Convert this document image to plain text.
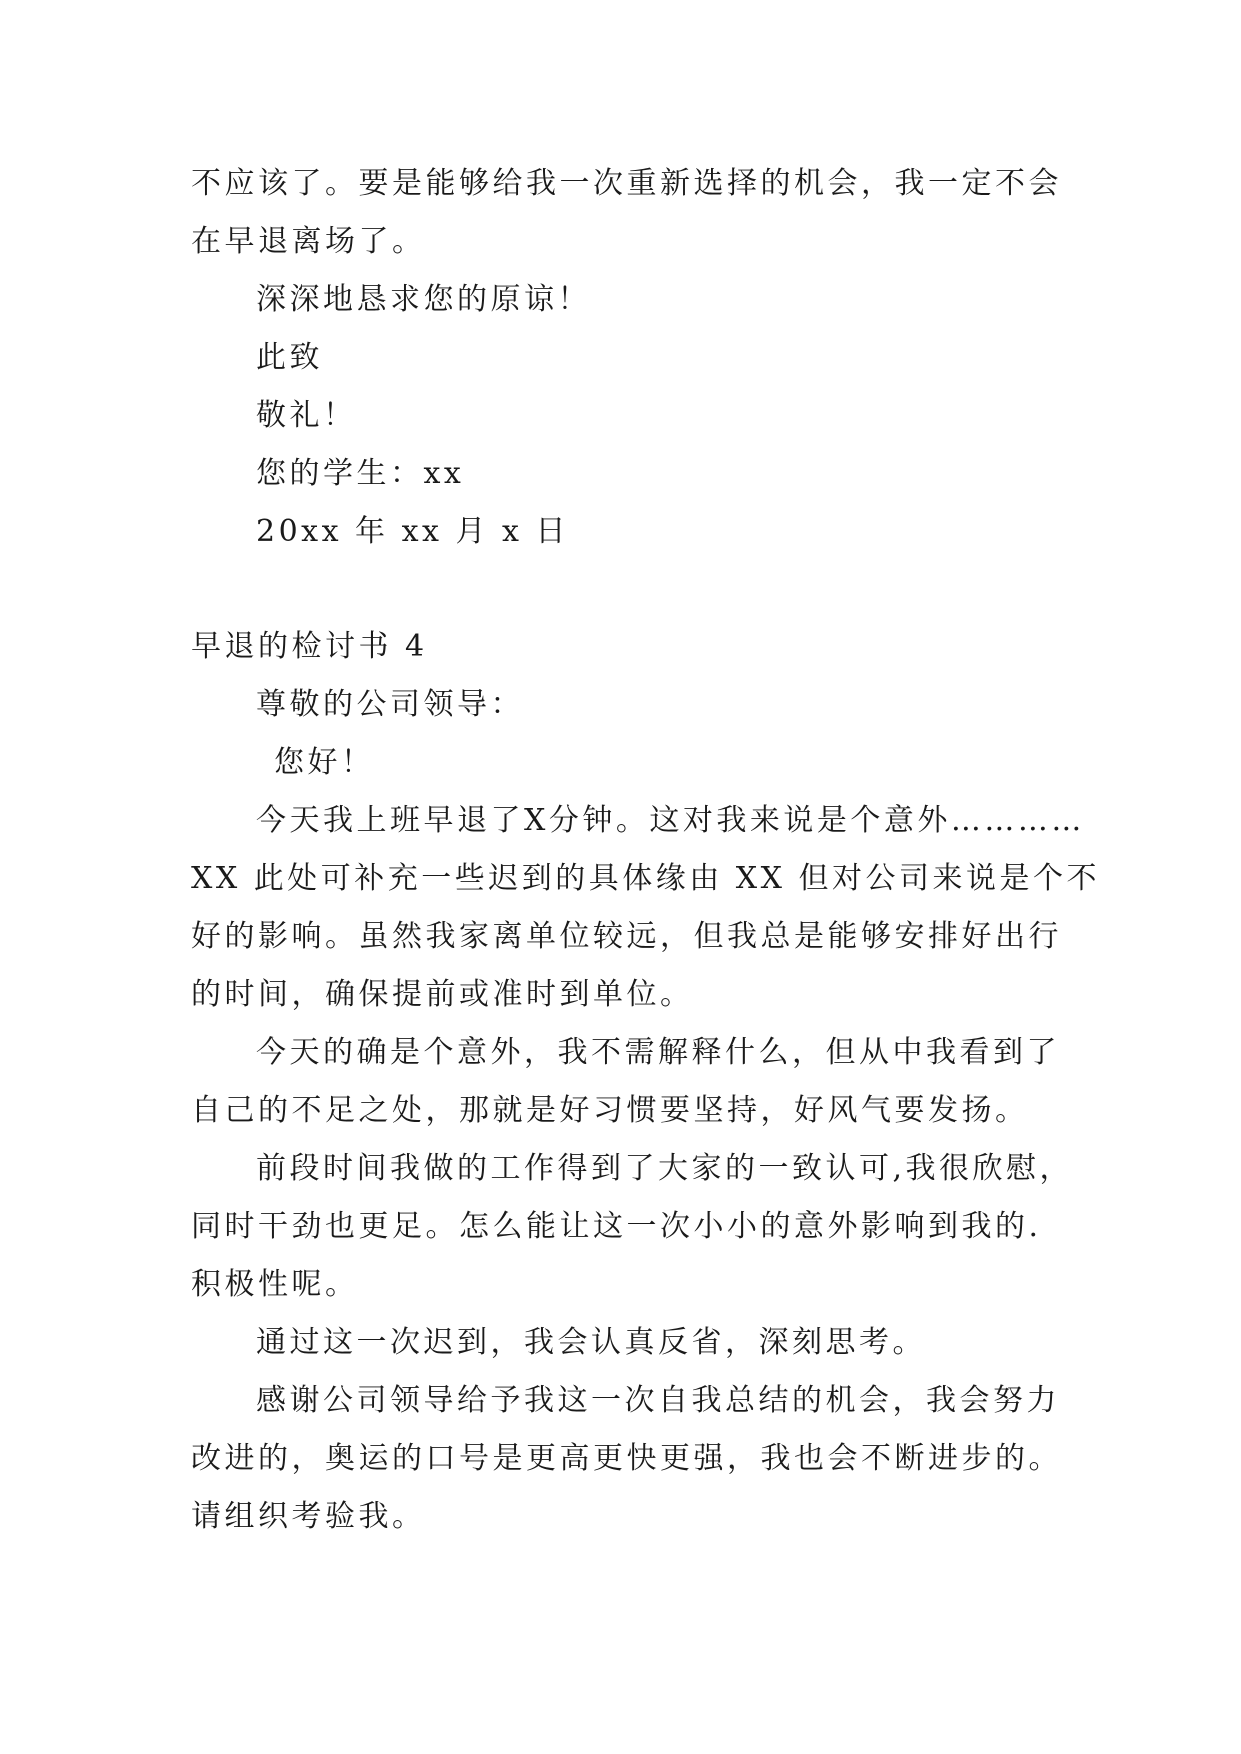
不应该了。要是能够给我一次重新选择的机会，我一定不会
在早退离场了。
深深地恳求您的原谅！
此致
敬礼！
您的学生：xx
20xx 年 xx 月 x 日
早退的检讨书 4
尊敬的公司领导：
您好！
今天我上班早退了X分钟。这对我来说是个意外…………
XX 此处可补充一些迟到的具体缘由 XX 但对公司来说是个不
好的影响。虽然我家离单位较远，但我总是能够安排好出行
的时间，确保提前或准时到单位。
今天的确是个意外，我不需解释什么，但从中我看到了
自己的不足之处，那就是好习惯要坚持，好风气要发扬。
前段时间我做的工作得到了大家的一致认可,我很欣慰，
同时干劲也更足。怎么能让这一次小小的意外影响到我的.
积极性呢。
通过这一次迟到，我会认真反省，深刻思考。
感谢公司领导给予我这一次自我总结的机会，我会努力
改进的，奥运的口号是更高更快更强，我也会不断进步的。
请组织考验我。
